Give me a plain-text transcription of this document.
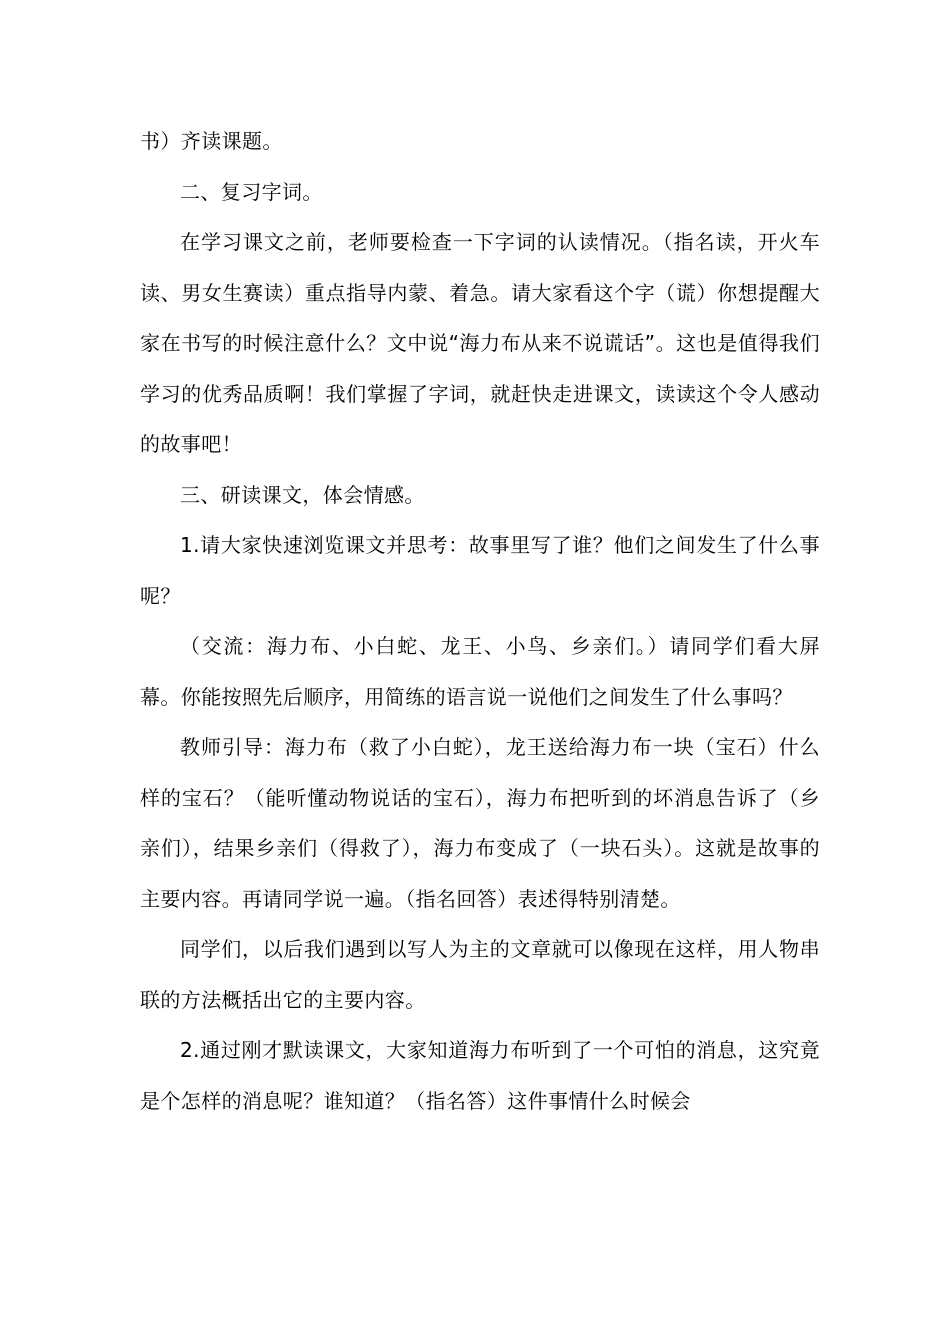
书）齐读课题。

二、复习字词。

在学习课文之前，老师要检查一下字词的认读情况。（指名读，开火车读、男女生赛读）重点指导内蒙、着急。请大家看这个字（谎）你想提醒大家在书写的时候注意什么？文中说“海力布从来不说谎话”。这也是值得我们学习的优秀品质啊！我们掌握了字词，就赶快走进课文，读读这个令人感动的故事吧！

三、研读课文，体会情感。

1.请大家快速浏览课文并思考：故事里写了谁？他们之间发生了什么事呢？

（交流：海力布、小白蛇、龙王、小鸟、乡亲们。）请同学们看大屏幕。你能按照先后顺序，用简练的语言说一说他们之间发生了什么事吗？

教师引导：海力布（救了小白蛇），龙王送给海力布一块（宝石）什么样的宝石？（能听懂动物说话的宝石），海力布把听到的坏消息告诉了（乡亲们），结果乡亲们（得救了），海力布变成了（一块石头）。这就是故事的主要内容。再请同学说一遍。（指名回答）表述得特别清楚。

同学们，以后我们遇到以写人为主的文章就可以像现在这样，用人物串联的方法概括出它的主要内容。

2.通过刚才默读课文，大家知道海力布听到了一个可怕的消息，这究竟是个怎样的消息呢？谁知道？（指名答）这件事情什么时候会
